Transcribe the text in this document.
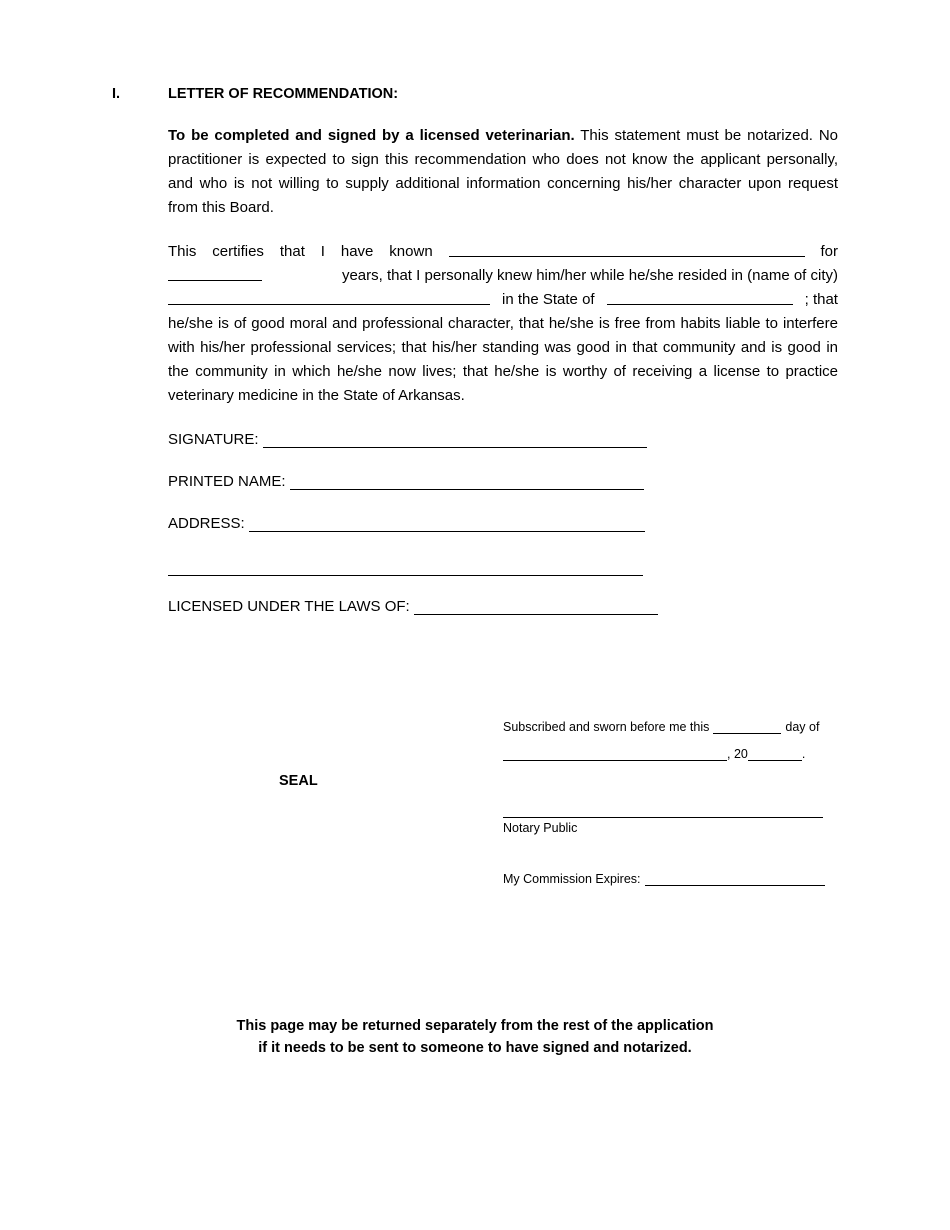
I.	LETTER OF RECOMMENDATION:
To be completed and signed by a licensed veterinarian. This statement must be notarized. No practitioner is expected to sign this recommendation who does not know the applicant personally, and who is not willing to supply additional information concerning his/her character upon request from this Board.
This certifies that I have known	for
years, that I personally knew him/her while he/she resided in (name of city)
in the State of	; that
he/she is of good moral and professional character, that he/she is free from habits liable to interfere with his/her professional services; that his/her standing was good in that community and is good in the community in which he/she now lives; that he/she is worthy of receiving a license to practice veterinary medicine in the State of Arkansas.
SIGNATURE:
PRINTED NAME:
ADDRESS:
LICENSED UNDER THE LAWS OF:
SEAL
Subscribed and sworn before me this	day of
, 20	.
Notary Public
My Commission Expires:
This page may be returned separately from the rest of the application
if it needs to be sent to someone to have signed and notarized.
